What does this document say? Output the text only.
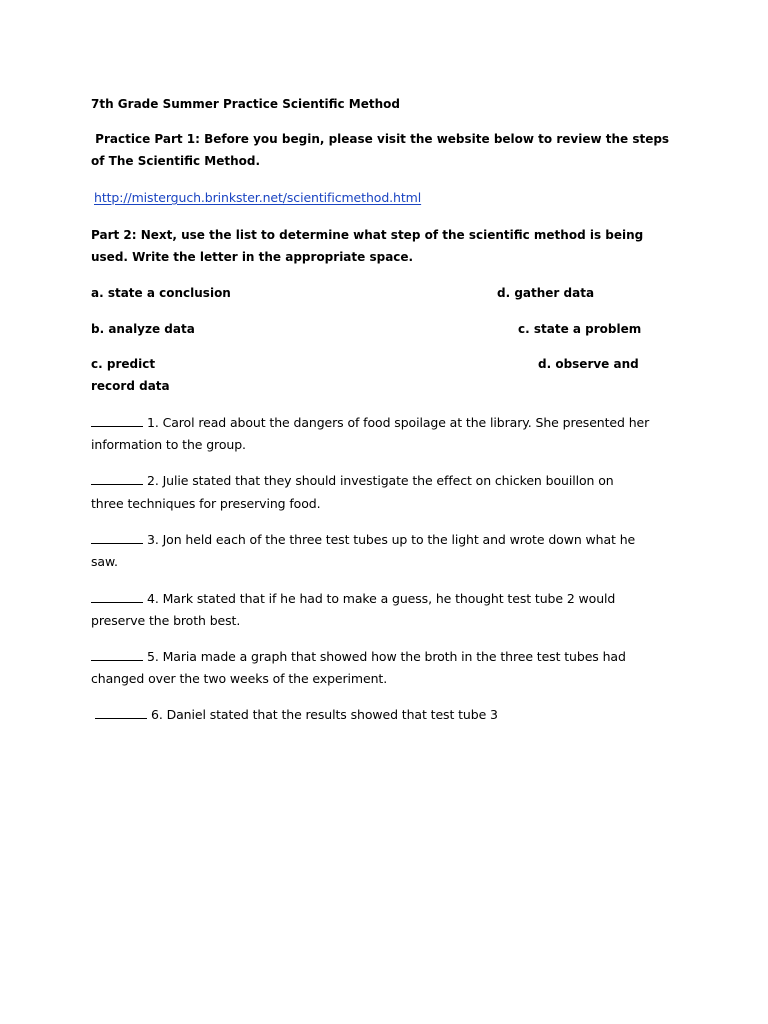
7th Grade Summer Practice Scientific Method
Practice Part 1: Before you begin, please visit the website below to review the steps
of The Scientific Method.
http://misterguch.brinkster.net/scientificmethod.html
Part 2: Next, use the list to determine what step of the scientific method is being
used. Write the letter in the appropriate space.
a. state a conclusion	d. gather data
b. analyze data	c. state a problem
c. predict	d. observe and
record data
1. Carol read about the dangers of food spoilage at the library. She presented her
information to the group.
2. Julie stated that they should investigate the effect on chicken bouillon on
three techniques for preserving food.
3. Jon held each of the three test tubes up to the light and wrote down what he
saw.
4. Mark stated that if he had to make a guess, he thought test tube 2 would
preserve the broth best.
5. Maria made a graph that showed how the broth in the three test tubes had
changed over the two weeks of the experiment.
6. Daniel stated that the results showed that test tube 3
